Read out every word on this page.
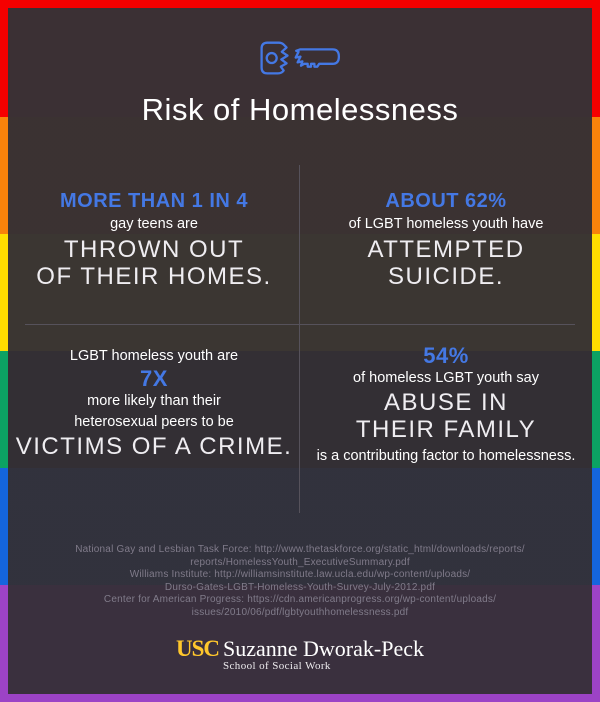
Risk of Homelessness
MORE THAN 1 IN 4
gay teens are
THROWN OUT
OF THEIR HOMES.
ABOUT 62%
of LGBT homeless youth have
ATTEMPTED
SUICIDE.
LGBT homeless youth are
7X
more likely than their
heterosexual peers to be
VICTIMS OF A CRIME.
54%
of homeless LGBT youth say
ABUSE IN
THEIR FAMILY
is a contributing factor to homelessness.
National Gay and Lesbian Task Force: http://www.thetaskforce.org/static_html/downloads/reports/
reports/HomelessYouth_ExecutiveSummary.pdf
Williams Institute: http://williamsinstitute.law.ucla.edu/wp-content/uploads/
Durso-Gates-LGBT-Homeless-Youth-Survey-July-2012.pdf
Center for American Progress: https://cdn.americanprogress.org/wp-content/uploads/
issues/2010/06/pdf/lgbtyouthhomelessness.pdf
USC Suzanne Dworak-Peck
School of Social Work
